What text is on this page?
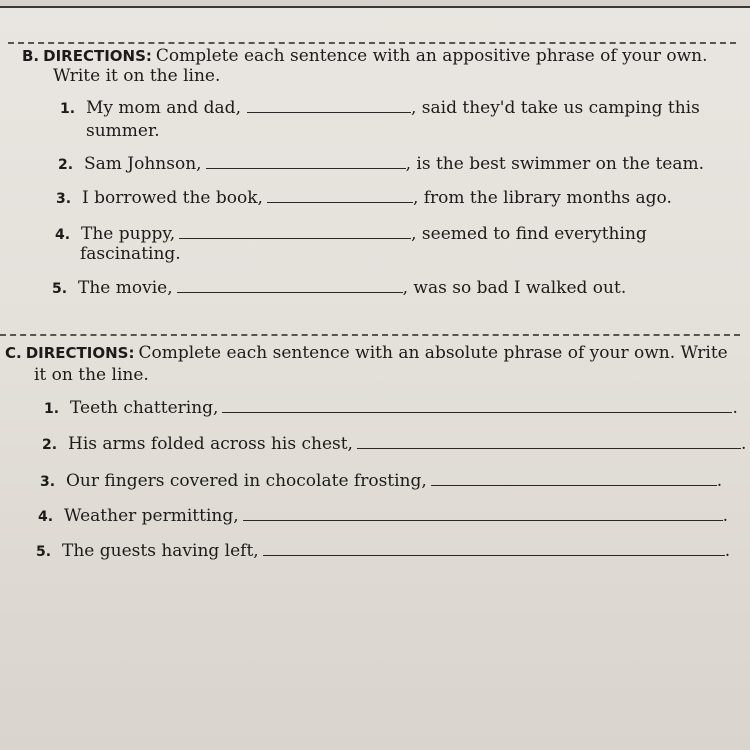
B. DIRECTIONS: Complete each sentence with an appositive phrase of your own.
Write it on the line.
1. My mom and dad,	, said they'd take us camping this
summer.
2. Sam Johnson,	, is the best swimmer on the team.
3. I borrowed the book,	, from the library months ago.
4. The puppy,	, seemed to find everything
fascinating.
5. The movie,	, was so bad I walked out.
C. DIRECTIONS: Complete each sentence with an absolute phrase of your own. Write
it on the line.
1. Teeth chattering,	.
2. His arms folded across his chest,	.
3. Our fingers covered in chocolate frosting,	.
4. Weather permitting,	.
5. The guests having left,	.
